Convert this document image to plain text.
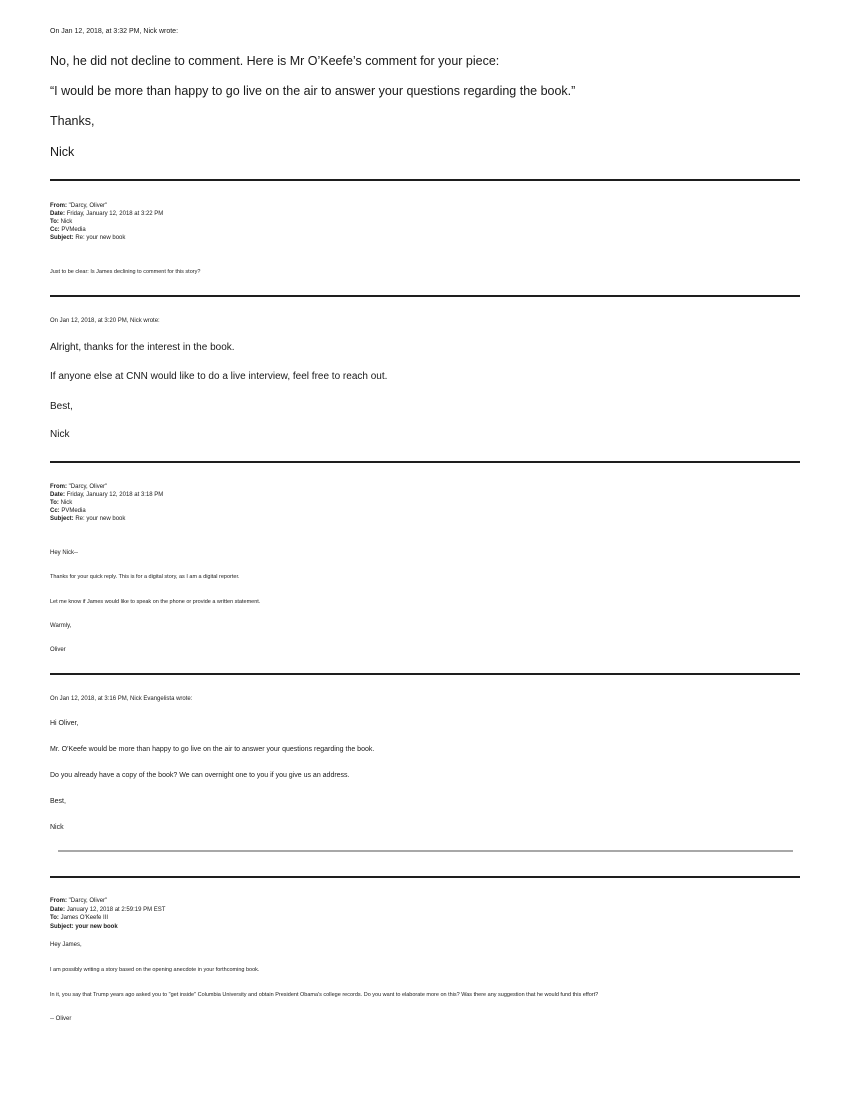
On Jan 12, 2018, at 3:32 PM, Nick wrote:
No, he did not decline to comment. Here is Mr O’Keefe’s comment for your piece:
“I would be more than happy to go live on the air to answer your questions regarding the book.”
Thanks,
Nick
From: "Darcy, Oliver"
Date: Friday, January 12, 2018 at 3:22 PM
To: Nick
Cc: PVMedia
Subject: Re: your new book
Just to be clear: Is James declining to comment for this story?
On Jan 12, 2018, at 3:20 PM, Nick wrote:
Alright, thanks for the interest in the book.
If anyone else at CNN would like to do a live interview, feel free to reach out.
Best,
Nick
From: "Darcy, Oliver"
Date: Friday, January 12, 2018 at 3:18 PM
To: Nick
Cc: PVMedia
Subject: Re: your new book
Hey Nick--
Thanks for your quick reply. This is for a digital story, as I am a digital reporter.
Let me know if James would like to speak on the phone or provide a written statement.
Warmly,
Oliver
On Jan 12, 2018, at 3:16 PM, Nick Evangelista wrote:
Hi Oliver,
Mr. O'Keefe would be more than happy to go live on the air to answer your questions regarding the book.
Do you already have a copy of the book? We can overnight one to you if you give us an address.
Best,
Nick
From: "Darcy, Oliver"
Date: January 12, 2018 at 2:59:19 PM EST
To: James O'Keefe III
Subject: your new book
Hey James,
I am possibly writing a story based on the opening anecdote in your forthcoming book.
In it, you say that Trump years ago asked you to "get inside" Columbia University and obtain President Obama's college records. Do you want to elaborate more on this? Was there any suggestion that he would fund this effort?
-- Oliver
